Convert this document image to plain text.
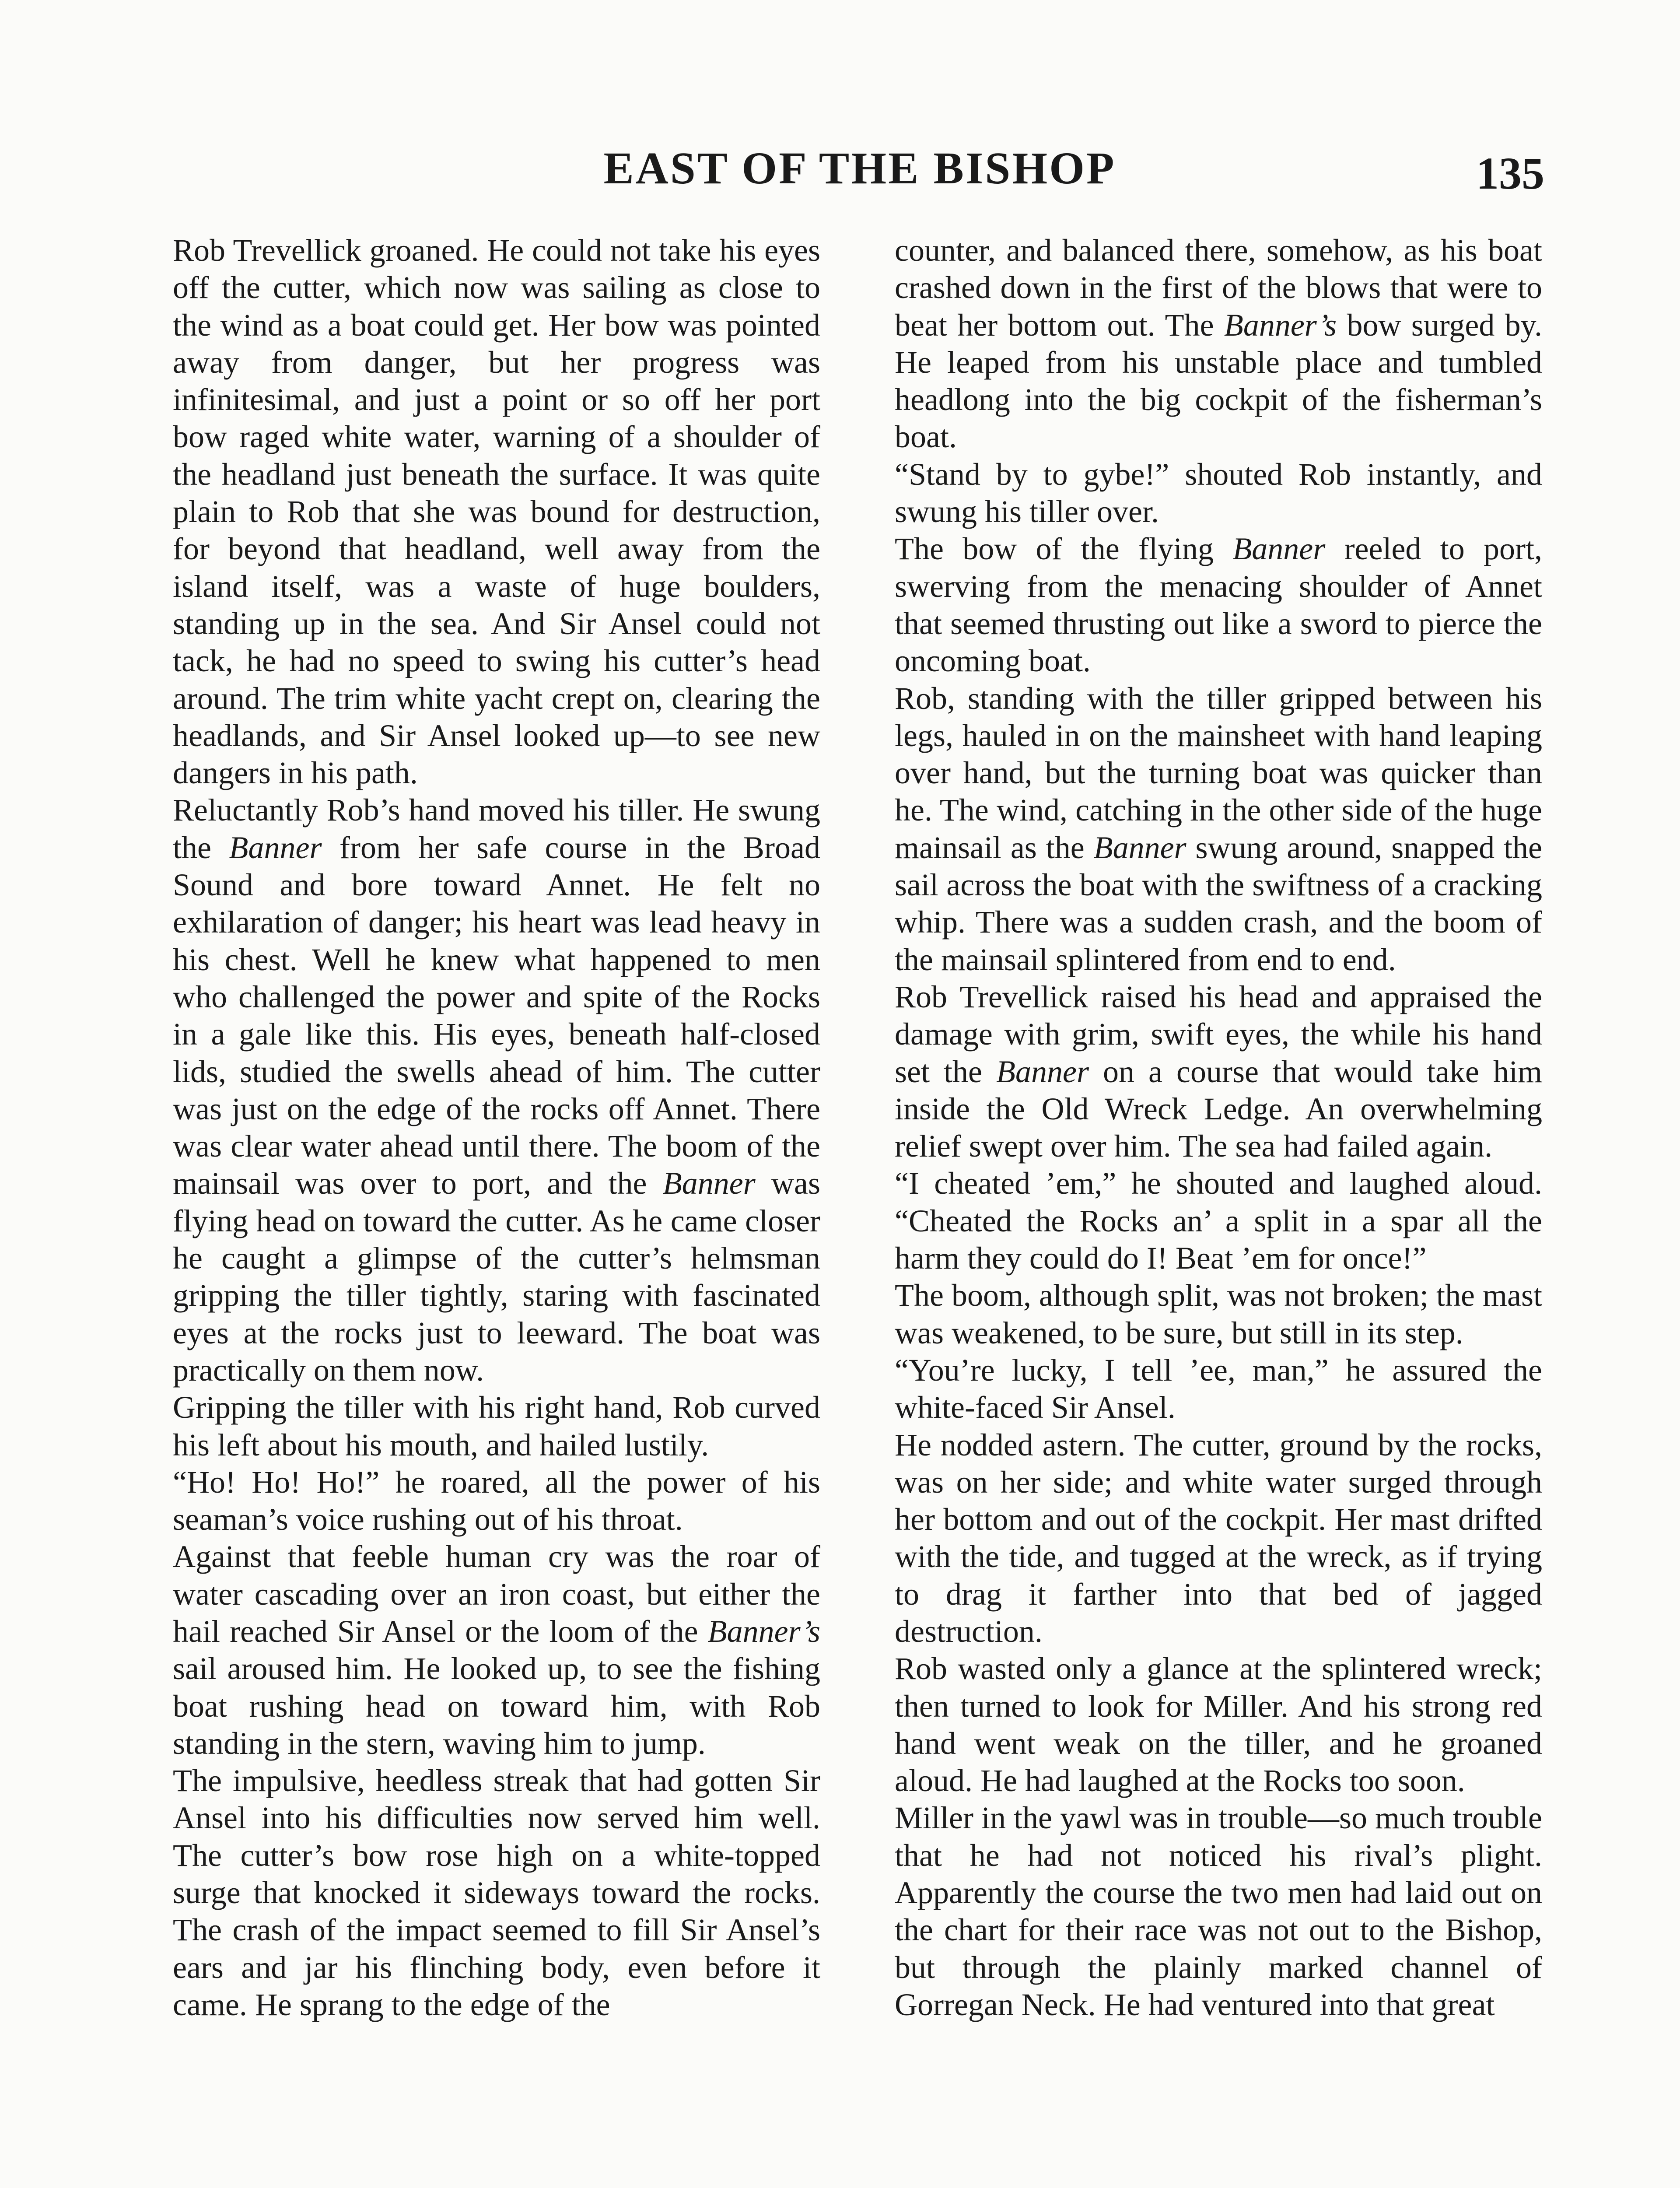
EAST OF THE BISHOP	135

Rob Trevellick groaned. He could not take his eyes off the cutter, which now was sailing as close to the wind as a boat could get. Her bow was pointed away from danger, but her progress was infinitesimal, and just a point or so off her port bow raged white water, warning of a shoulder of the headland just beneath the surface. It was quite plain to Rob that she was bound for destruction, for beyond that headland, well away from the island itself, was a waste of huge boulders, standing up in the sea. And Sir Ansel could not tack, he had no speed to swing his cutter’s head around. The trim white yacht crept on, clearing the headlands, and Sir Ansel looked up—to see new dangers in his path.

Reluctantly Rob’s hand moved his tiller. He swung the Banner from her safe course in the Broad Sound and bore toward Annet. He felt no exhilaration of danger; his heart was lead heavy in his chest. Well he knew what happened to men who challenged the power and spite of the Rocks in a gale like this. His eyes, beneath half-closed lids, studied the swells ahead of him. The cutter was just on the edge of the rocks off Annet. There was clear water ahead until there. The boom of the mainsail was over to port, and the Banner was flying head on toward the cutter. As he came closer he caught a glimpse of the cutter’s helmsman gripping the tiller tightly, staring with fascinated eyes at the rocks just to leeward. The boat was practically on them now.

Gripping the tiller with his right hand, Rob curved his left about his mouth, and hailed lustily.

“Ho! Ho! Ho!” he roared, all the power of his seaman’s voice rushing out of his throat.

Against that feeble human cry was the roar of water cascading over an iron coast, but either the hail reached Sir Ansel or the loom of the Banner’s sail aroused him. He looked up, to see the fishing boat rushing head on toward him, with Rob standing in the stern, waving him to jump.

The impulsive, heedless streak that had gotten Sir Ansel into his difficulties now served him well. The cutter’s bow rose high on a white-topped surge that knocked it sideways toward the rocks. The crash of the impact seemed to fill Sir Ansel’s ears and jar his flinching body, even before it came. He sprang to the edge of the

counter, and balanced there, somehow, as his boat crashed down in the first of the blows that were to beat her bottom out. The Banner’s bow surged by. He leaped from his unstable place and tumbled headlong into the big cockpit of the fisherman’s boat.

“Stand by to gybe!” shouted Rob instantly, and swung his tiller over.

The bow of the flying Banner reeled to port, swerving from the menacing shoulder of Annet that seemed thrusting out like a sword to pierce the oncoming boat.

Rob, standing with the tiller gripped between his legs, hauled in on the mainsheet with hand leaping over hand, but the turning boat was quicker than he. The wind, catching in the other side of the huge mainsail as the Banner swung around, snapped the sail across the boat with the swiftness of a cracking whip. There was a sudden crash, and the boom of the mainsail splintered from end to end.

Rob Trevellick raised his head and appraised the damage with grim, swift eyes, the while his hand set the Banner on a course that would take him inside the Old Wreck Ledge. An overwhelming relief swept over him. The sea had failed again.

“I cheated ’em,” he shouted and laughed aloud. “Cheated the Rocks an’ a split in a spar all the harm they could do I! Beat ’em for once!”

The boom, although split, was not broken; the mast was weakened, to be sure, but still in its step.

“You’re lucky, I tell ’ee, man,” he assured the white-faced Sir Ansel.

He nodded astern. The cutter, ground by the rocks, was on her side; and white water surged through her bottom and out of the cockpit. Her mast drifted with the tide, and tugged at the wreck, as if trying to drag it farther into that bed of jagged destruction.

Rob wasted only a glance at the splintered wreck; then turned to look for Miller. And his strong red hand went weak on the tiller, and he groaned aloud. He had laughed at the Rocks too soon.

Miller in the yawl was in trouble—so much trouble that he had not noticed his rival’s plight. Apparently the course the two men had laid out on the chart for their race was not out to the Bishop, but through the plainly marked channel of Gorregan Neck. He had ventured into that great
